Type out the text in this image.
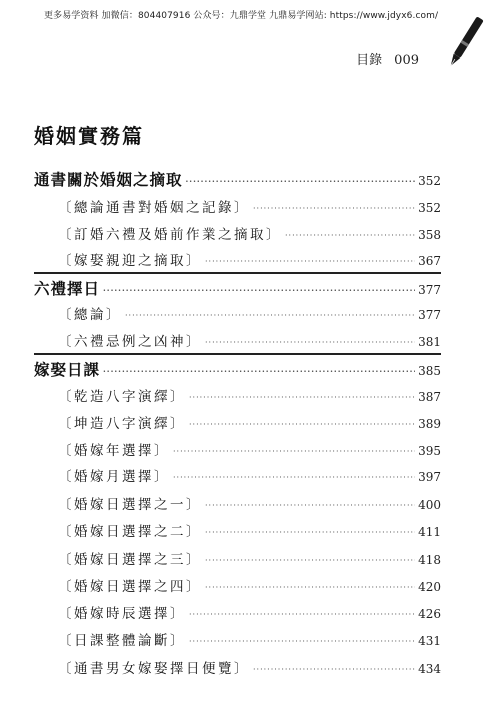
更多易学资料 加微信：804407916 公众号：九鼎学堂 九鼎易学网站: https://www.jdyx6.com/
目錄 009
婚姻實務篇
通書關於婚姻之摘取 ·····	352
〔總論通書對婚姻之記錄〕 ·····	352
〔訂婚六禮及婚前作業之摘取〕 ·····	358
〔嫁娶親迎之摘取〕 ·····	367
六禮擇日 ·····	377
〔總論〕 ·····	377
〔六禮忌例之凶神〕 ·····	381
嫁娶日課 ·····	385
〔乾造八字演繹〕 ·····	387
〔坤造八字演繹〕 ·····	389
〔婚嫁年選擇〕 ·····	395
〔婚嫁月選擇〕 ·····	397
〔婚嫁日選擇之一〕 ·····	400
〔婚嫁日選擇之二〕 ·····	411
〔婚嫁日選擇之三〕 ·····	418
〔婚嫁日選擇之四〕 ·····	420
〔婚嫁時辰選擇〕 ·····	426
〔日課整體論斷〕 ·····	431
〔通書男女嫁娶擇日便覽〕 ·····	434
